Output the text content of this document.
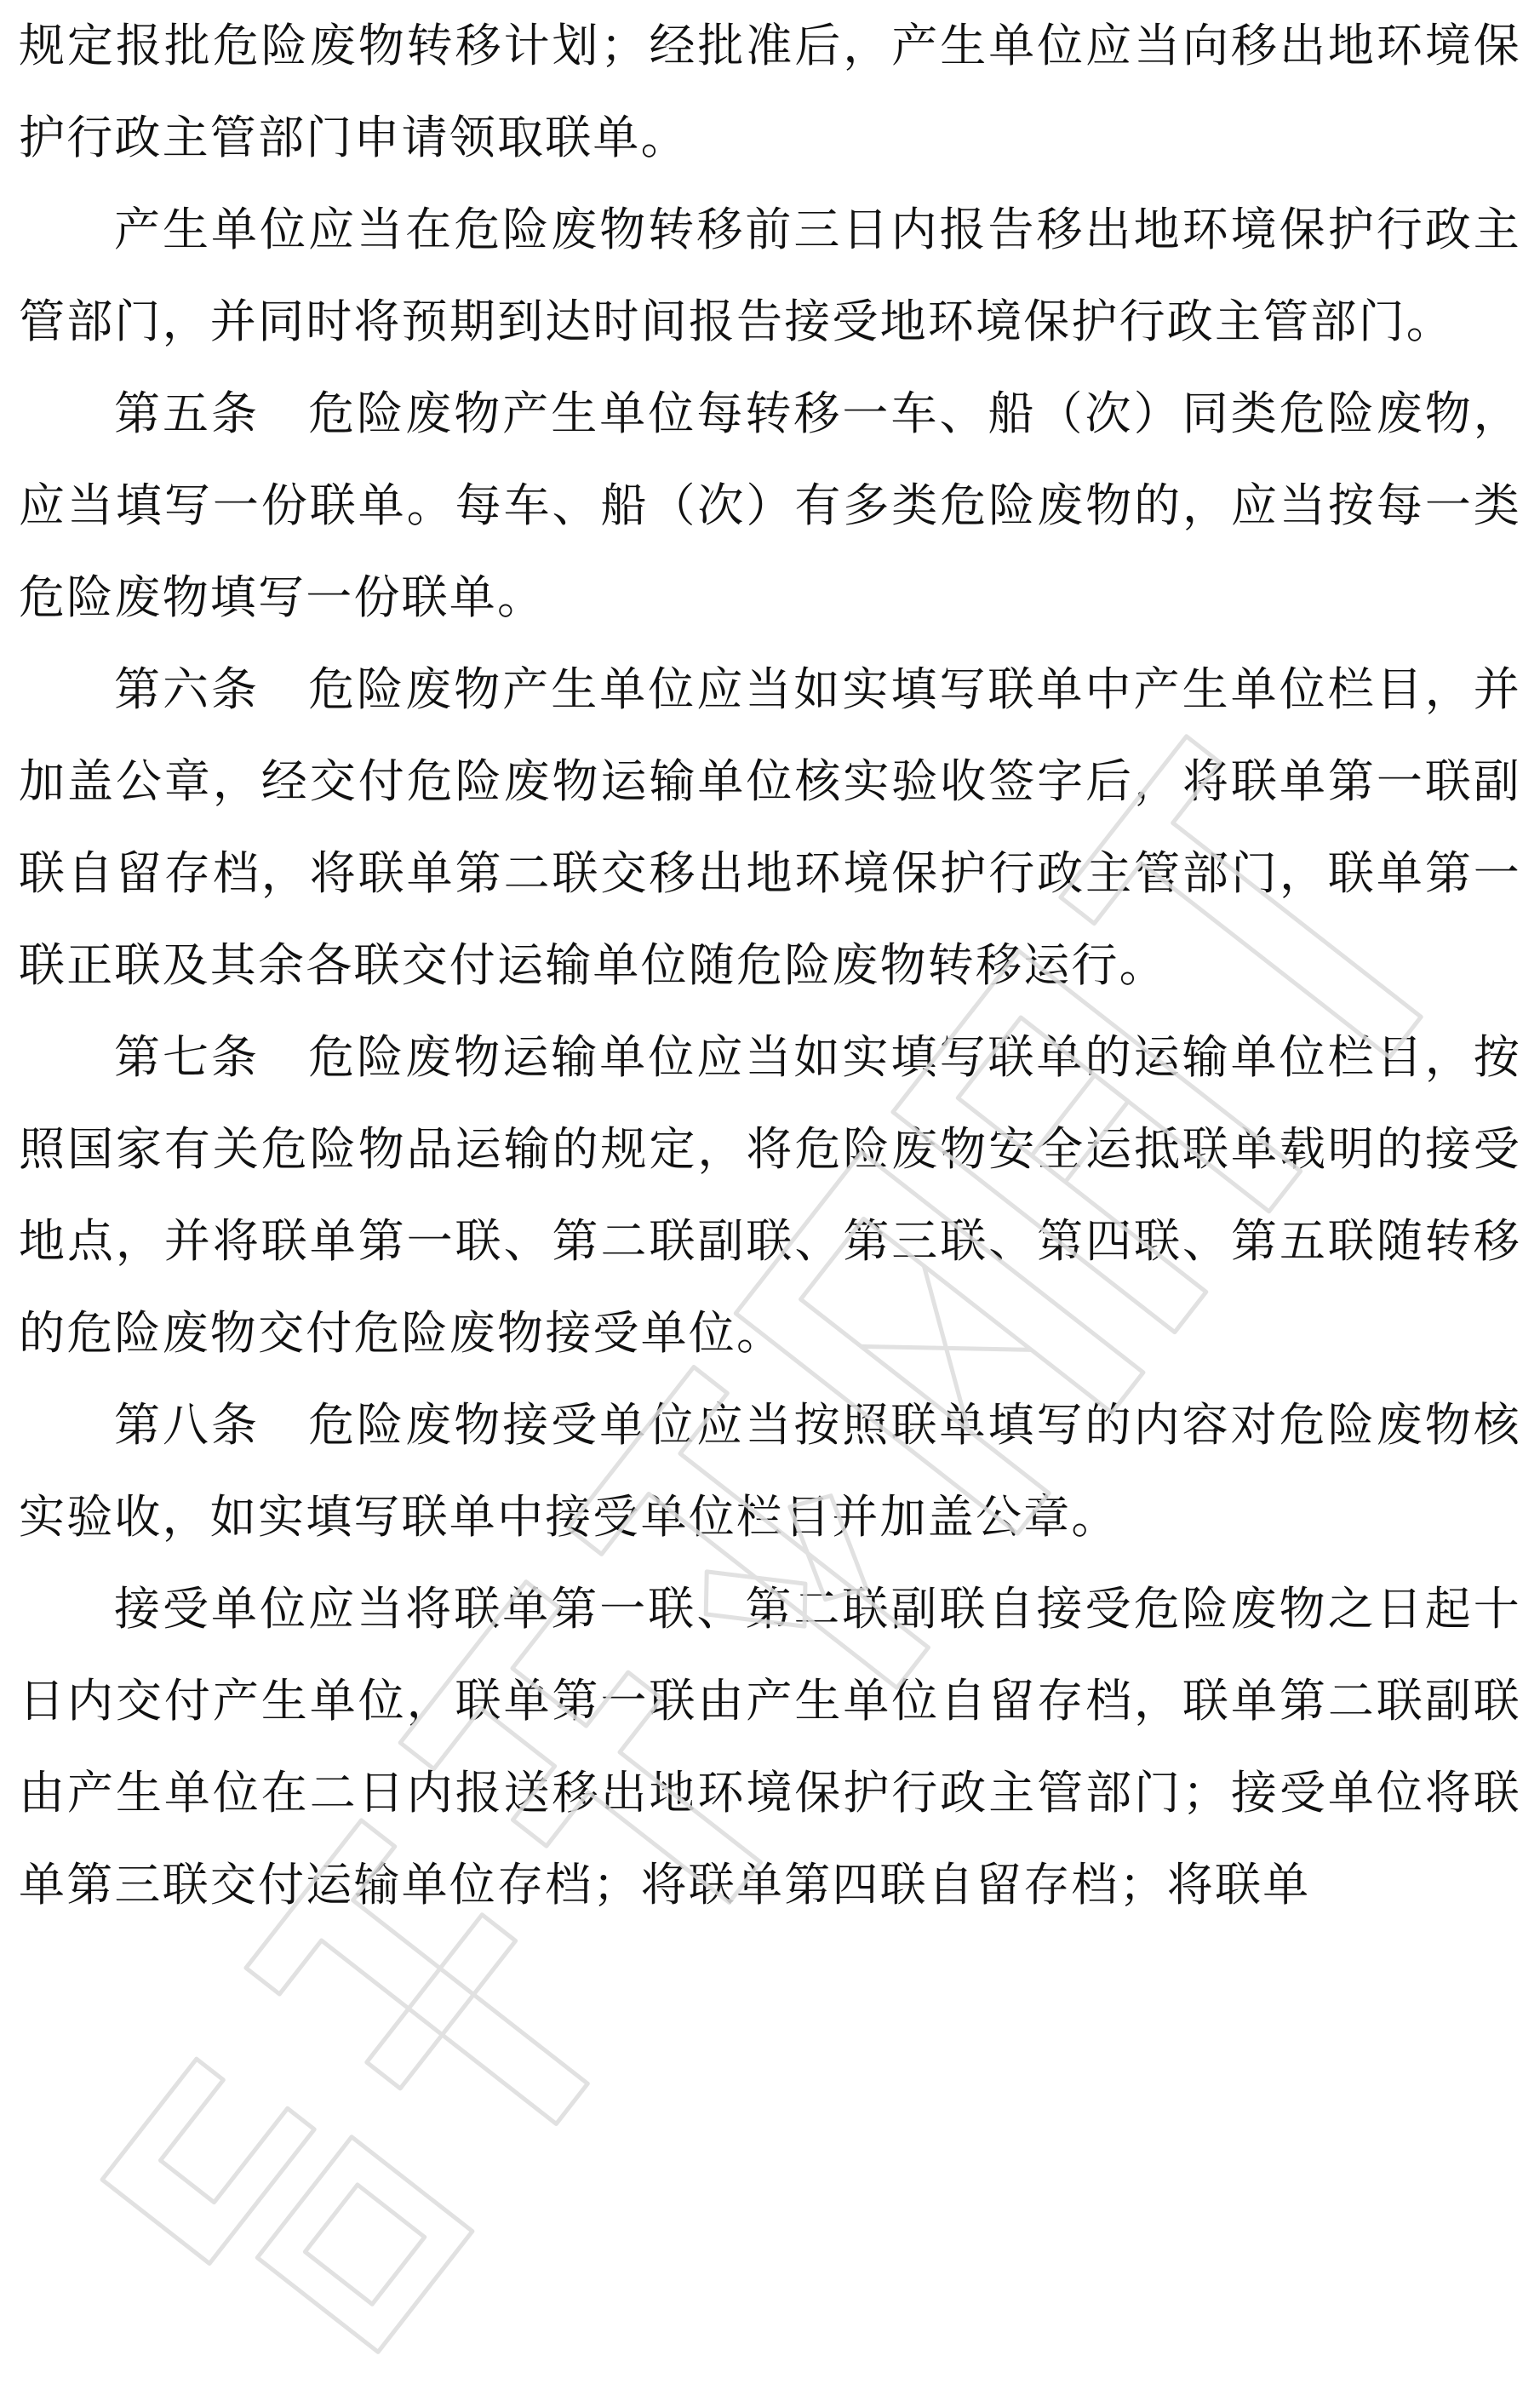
规定报批危险废物转移计划；经批准后，产生单位应当向移出地环境保护行政主管部门申请领取联单。

产生单位应当在危险废物转移前三日内报告移出地环境保护行政主管部门，并同时将预期到达时间报告接受地环境保护行政主管部门。

第五条　危险废物产生单位每转移一车、船（次）同类危险废物，应当填写一份联单。每车、船（次）有多类危险废物的，应当按每一类危险废物填写一份联单。

第六条　危险废物产生单位应当如实填写联单中产生单位栏目，并加盖公章，经交付危险废物运输单位核实验收签字后，将联单第一联副联自留存档，将联单第二联交移出地环境保护行政主管部门，联单第一联正联及其余各联交付运输单位随危险废物转移运行。

第七条　危险废物运输单位应当如实填写联单的运输单位栏目，按照国家有关危险物品运输的规定，将危险废物安全运抵联单载明的接受地点，并将联单第一联、第二联副联、第三联、第四联、第五联随转移的危险废物交付危险废物接受单位。

第八条　危险废物接受单位应当按照联单填写的内容对危险废物核实验收，如实填写联单中接受单位栏目并加盖公章。

接受单位应当将联单第一联、第二联副联自接受危险废物之日起十日内交付产生单位，联单第一联由产生单位自留存档，联单第二联副联由产生单位在二日内报送移出地环境保护行政主管部门；接受单位将联单第三联交付运输单位存档；将联单第四联自留存档；将联单
